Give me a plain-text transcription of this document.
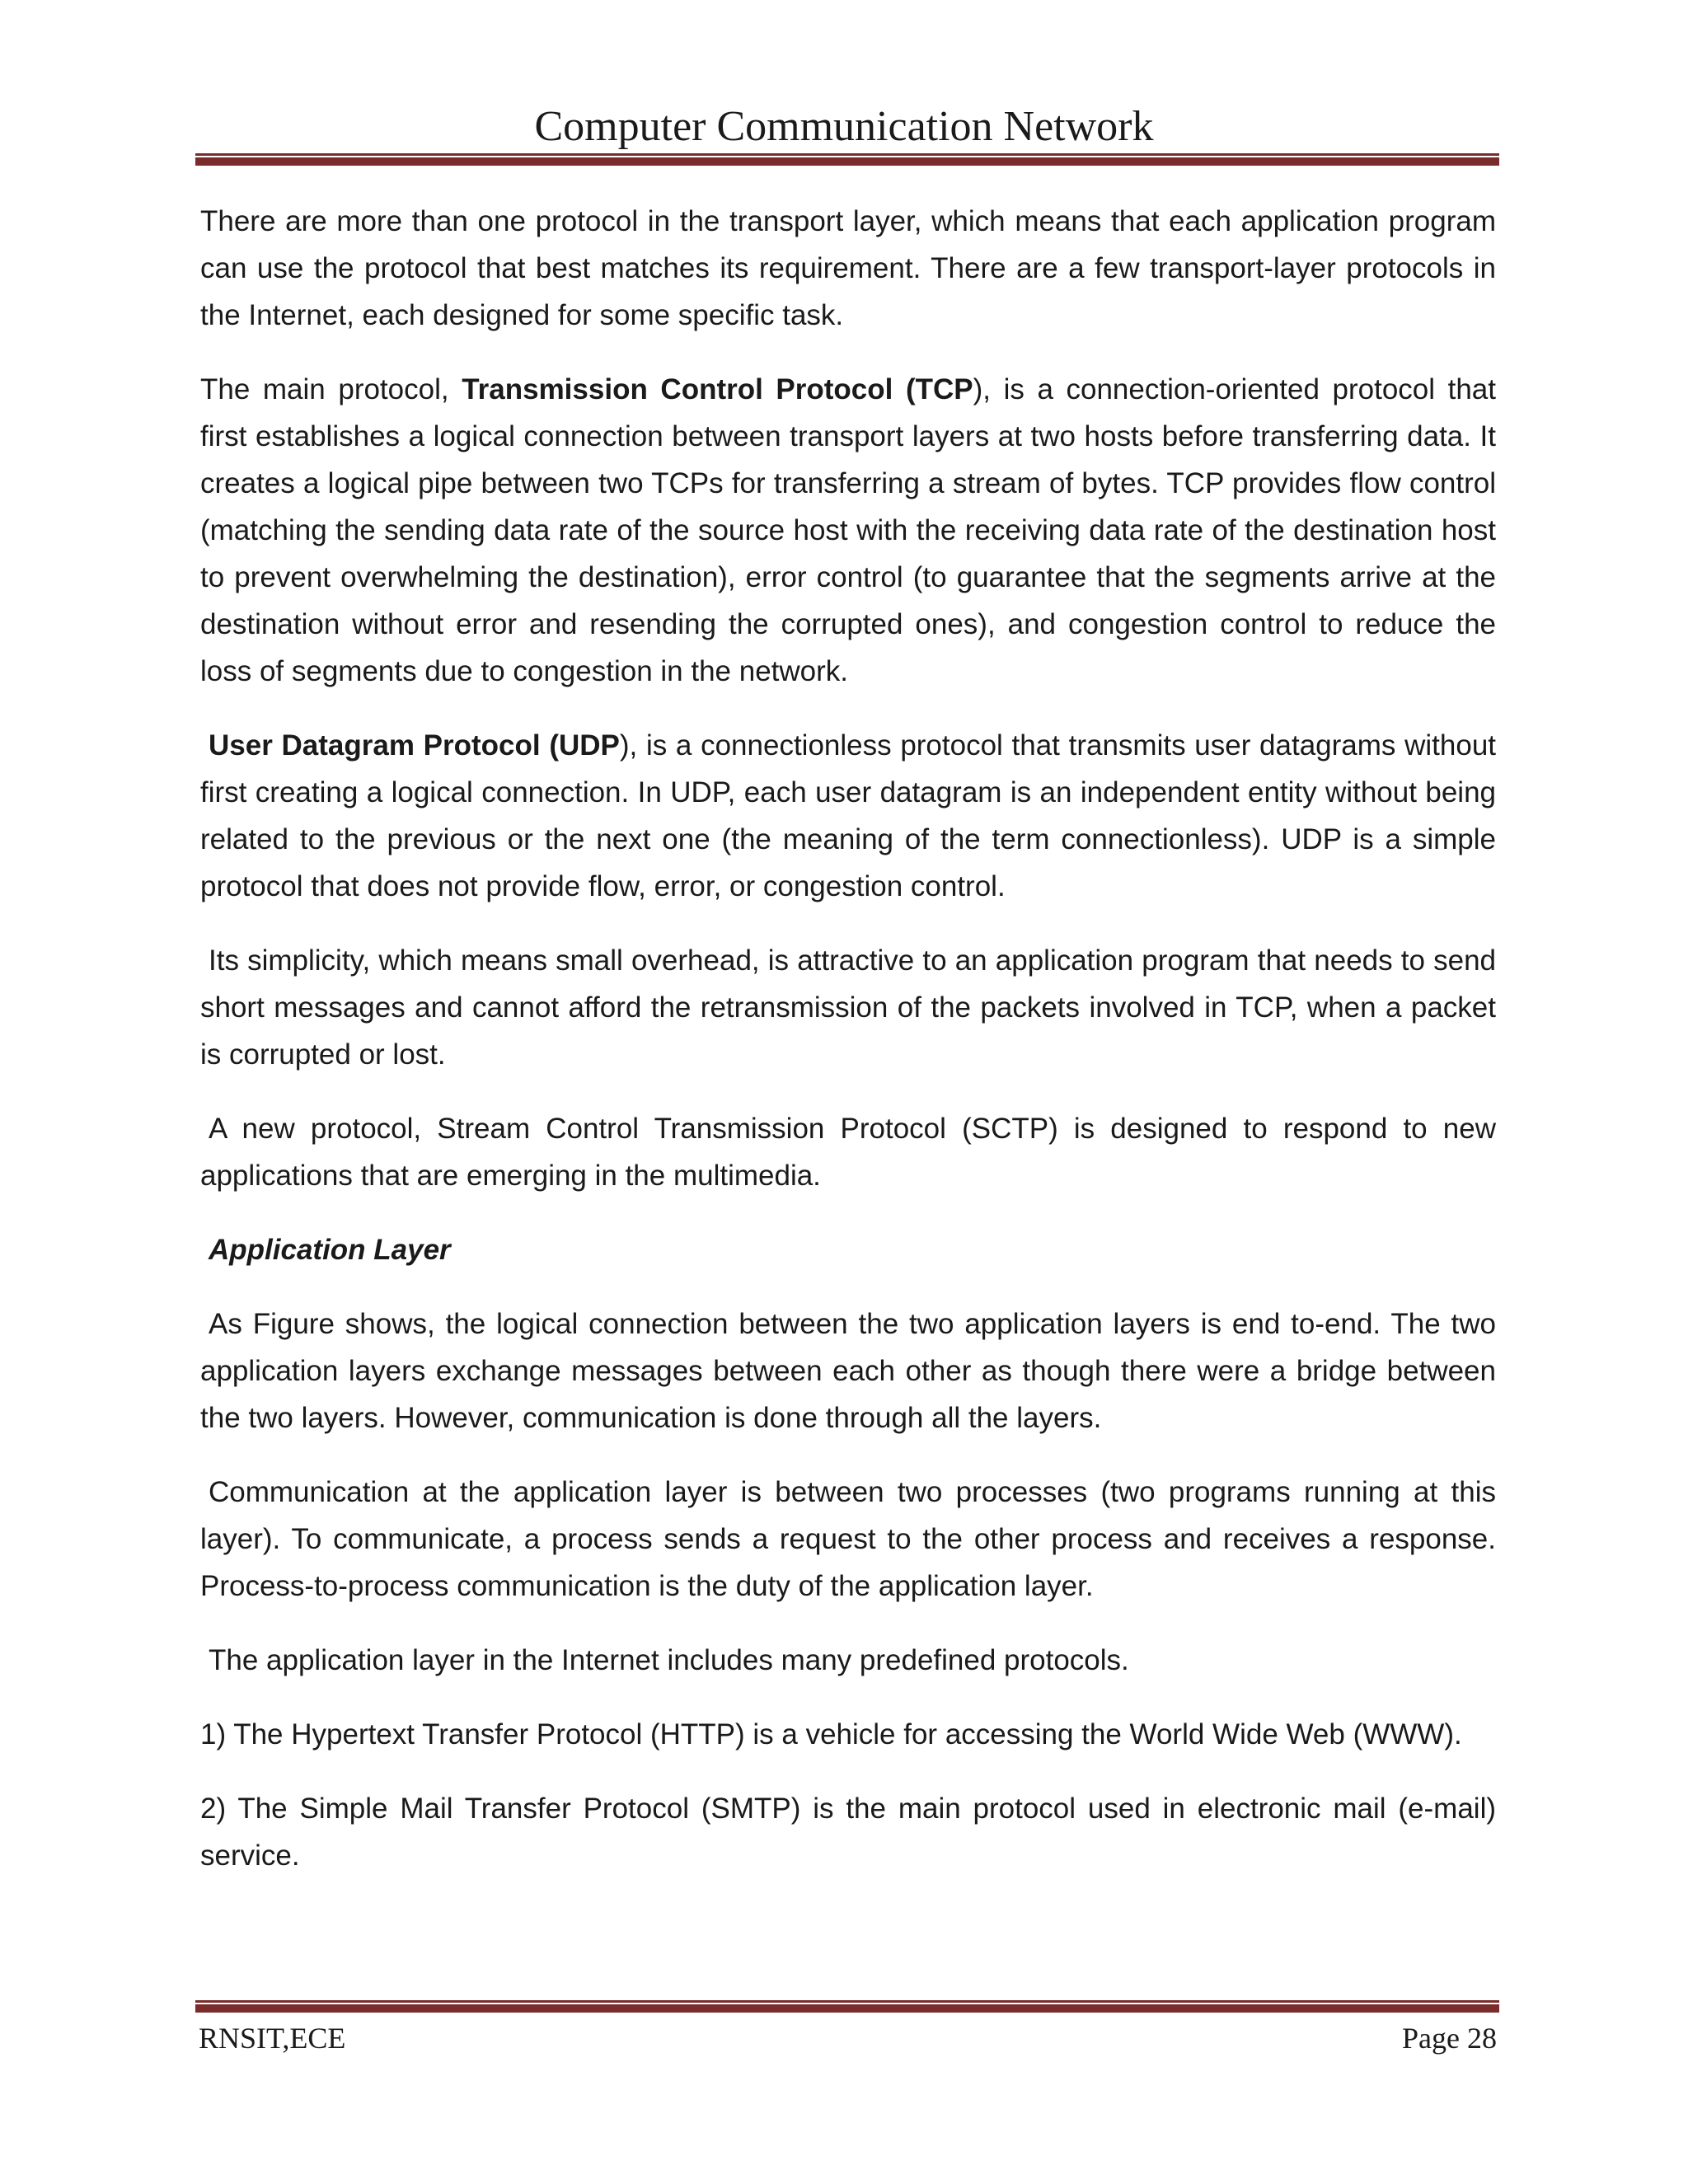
Computer Communication Network

There are more than one protocol in the transport layer, which means that each application program can use the protocol that best matches its requirement. There are a few transport-layer protocols in the Internet, each designed for some specific task.

The main protocol, Transmission Control Protocol (TCP), is a connection-oriented protocol that first establishes a logical connection between transport layers at two hosts before transferring data. It creates a logical pipe between two TCPs for transferring a stream of bytes. TCP provides flow control (matching the sending data rate of the source host with the receiving data rate of the destination host to prevent overwhelming the destination), error control (to guarantee that the segments arrive at the destination without error and resending the corrupted ones), and congestion control to reduce the loss of segments due to congestion in the network.

User Datagram Protocol (UDP), is a connectionless protocol that transmits user datagrams without first creating a logical connection. In UDP, each user datagram is an independent entity without being related to the previous or the next one (the meaning of the term connectionless). UDP is a simple protocol that does not provide flow, error, or congestion control.

Its simplicity, which means small overhead, is attractive to an application program that needs to send short messages and cannot afford the retransmission of the packets involved in TCP, when a packet is corrupted or lost.

A new protocol, Stream Control Transmission Protocol (SCTP) is designed to respond to new applications that are emerging in the multimedia.

Application Layer

As Figure shows, the logical connection between the two application layers is end to-end. The two application layers exchange messages between each other as though there were a bridge between the two layers. However, communication is done through all the layers.

Communication at the application layer is between two processes (two programs running at this layer). To communicate, a process sends a request to the other process and receives a response. Process-to-process communication is the duty of the application layer.

The application layer in the Internet includes many predefined protocols.

1) The Hypertext Transfer Protocol (HTTP) is a vehicle for accessing the World Wide Web (WWW).

2) The Simple Mail Transfer Protocol (SMTP) is the main protocol used in electronic mail (e-mail) service.

RNSIT,ECE	Page 28
